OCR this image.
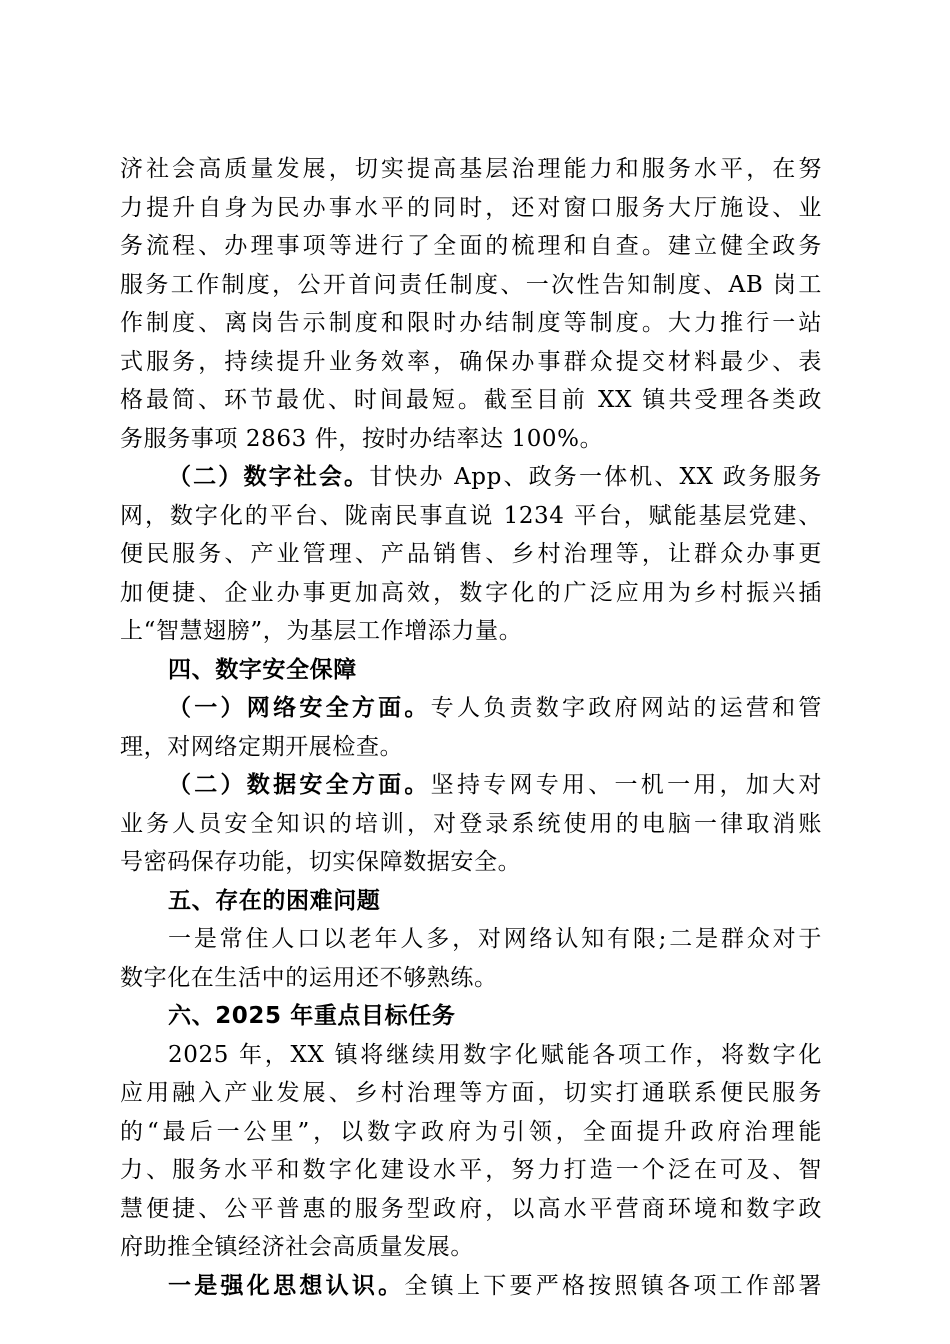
济社会高质量发展，切实提高基层治理能力和服务水平，在努
力提升自身为民办事水平的同时，还对窗口服务大厅施设、业
务流程、办理事项等进行了全面的梳理和自查。建立健全政务
服务工作制度，公开首问责任制度、一次性告知制度、AB 岗工
作制度、离岗告示制度和限时办结制度等制度。大力推行一站
式服务，持续提升业务效率，确保办事群众提交材料最少、表
格最简、环节最优、时间最短。截至目前 XX 镇共受理各类政
务服务事项 2863 件，按时办结率达 100%。
（二）数字社会。甘快办 App、政务一体机、XX 政务服务
网，数字化的平台、陇南民事直说 1234 平台，赋能基层党建、
便民服务、产业管理、产品销售、乡村治理等，让群众办事更
加便捷、企业办事更加高效，数字化的广泛应用为乡村振兴插
上“智慧翅膀”，为基层工作增添力量。
四、数字安全保障
（一）网络安全方面。专人负责数字政府网站的运营和管
理，对网络定期开展检查。
（二）数据安全方面。坚持专网专用、一机一用，加大对
业务人员安全知识的培训，对登录系统使用的电脑一律取消账
号密码保存功能，切实保障数据安全。
五、存在的困难问题
一是常住人口以老年人多，对网络认知有限;二是群众对于
数字化在生活中的运用还不够熟练。
六、2025 年重点目标任务
2025 年，XX 镇将继续用数字化赋能各项工作，将数字化
应用融入产业发展、乡村治理等方面，切实打通联系便民服务
的“最后一公里”，以数字政府为引领，全面提升政府治理能
力、服务水平和数字化建设水平，努力打造一个泛在可及、智
慧便捷、公平普惠的服务型政府，以高水平营商环境和数字政
府助推全镇经济社会高质量发展。
一是强化思想认识。全镇上下要严格按照镇各项工作部署
